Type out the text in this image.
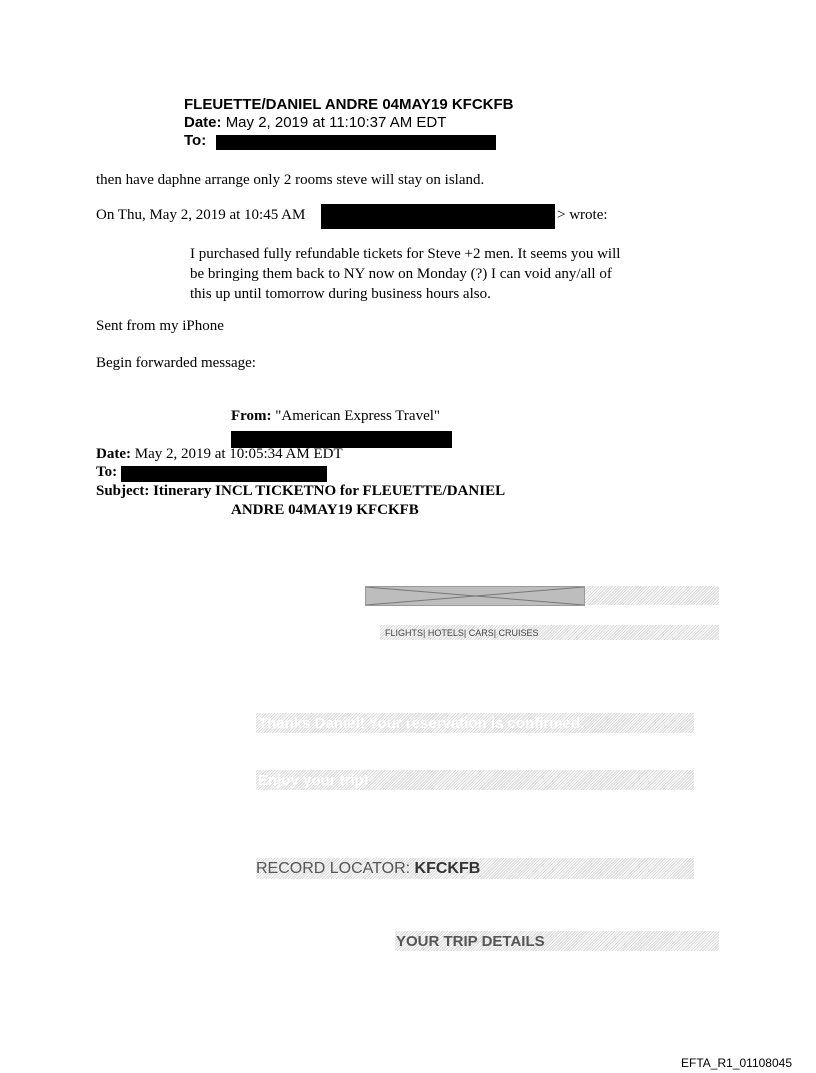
FLEUETTE/DANIEL ANDRE 04MAY19 KFCKFB
Date: May 2, 2019 at 11:10:37 AM EDT
To:
then have daphne arrange only 2 rooms steve will stay on island.
On Thu, May 2, 2019 at 10:45 AM	> wrote:
I purchased fully refundable tickets for Steve +2 men. It seems you will be bringing them back to NY now on Monday (?) I can void any/all of this up until tomorrow during business hours also.
Sent from my iPhone
Begin forwarded message:
From: "American Express Travel"
Date: May 2, 2019 at 10:05:34 AM EDT
To:
Subject: Itinerary INCL TICKETNO for FLEUETTE/DANIEL
ANDRE 04MAY19 KFCKFB
FLIGHTS| HOTELS| CARS| CRUISES
Thanks Daniel! Your reservation is confirmed.
Enjoy your trip!
RECORD LOCATOR: KFCKFB
YOUR TRIP DETAILS
EFTA_R1_01108045
